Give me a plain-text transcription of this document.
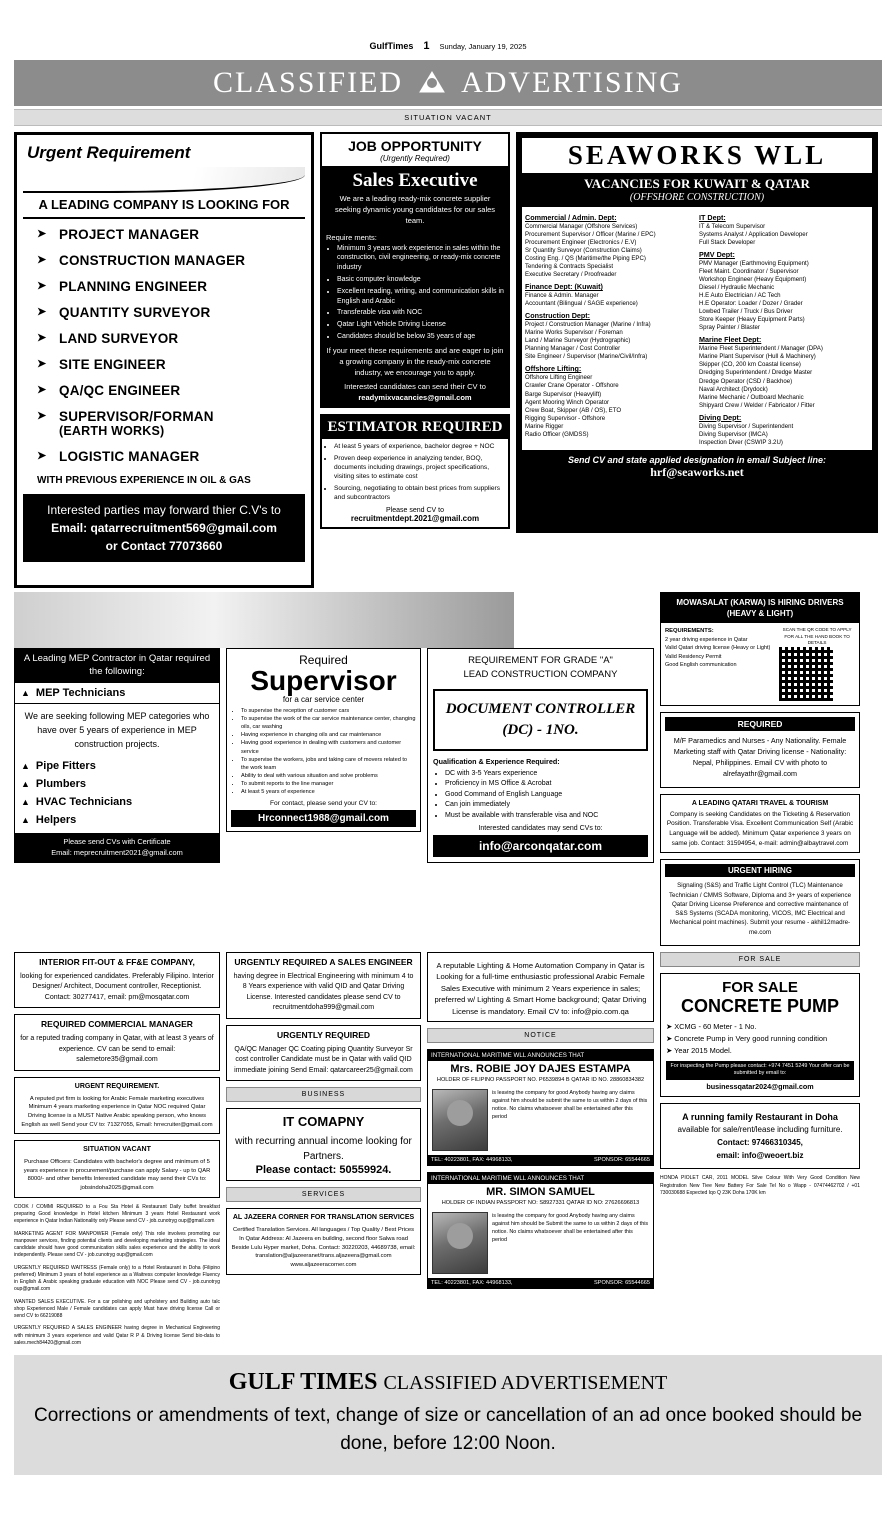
GulfTimes 1 Sunday, January 19, 2025
CLASSIFIED ADVERTISING
SITUATION VACANT
Urgent Requirement
A LEADING COMPANY IS LOOKING FOR
➤ PROJECT MANAGER
➤ CONSTRUCTION MANAGER
➤ PLANNING ENGINEER
➤ QUANTITY SURVEYOR
➤ LAND SURVEYOR
➤ SITE ENGINEER
➤ QA/QC ENGINEER
➤ SUPERVISOR/FORMAN
(EARTH WORKS)
➤ LOGISTIC MANAGER
WITH PREVIOUS EXPERIENCE IN OIL & GAS
Interested parties may forward thier C.V's to
Email: qatarrecruitment569@gmail.com
or Contact 77073660
JOB OPPORTUNITY
(Urgently Required)
Sales Executive
We are a leading ready-mix concrete supplier seeking dynamic young candidates for our sales team.
Require ments:
• Minimum 3 years work experience in sales within the construction, civil engineering, or ready-mix concrete industry
• Basic computer knowledge
• Excellent reading, writing, and communication skills in English and Arabic
• Transferable visa with NOC
• Qatar Light Vehicle Driving License
• Candidates should be below 35 years of age
If your meet these requirements and are eager to join a growing company in the ready-mix concrete industry, we encourage you to apply.
Interested candidates can send their CV to
readymixvacancies@gmail.com
ESTIMATOR REQUIRED
• At least 5 years of experience, bachelor degree + NOC
• Proven deep experience in analyzing tender, BOQ, documents including drawings, project specifications, visiting sites to estimate cost
• Sourcing, negotiating to obtain best prices from suppliers and subcontractors
Please send CV to
recruitmentdept.2021@gmail.com
SEAWORKS WLL
VACANCIES FOR KUWAIT & QATAR
(OFFSHORE CONSTRUCTION)
Commercial / Admin. Dept:
Commercial Manager (Offshore Services)
Procurement Supervisor / Officer (Marine / EPC)
Procurement Engineer (Electronics / E.V)
Sr Quantity Surveyor (Construction Claims)
Costing Eng. / QS (Maritime/the Piping EPC)
Tendering & Contracts Specialist
Executive Secretary / Proofreader
Finance Dept: (Kuwait)
Finance & Admin. Manager
Accountant (Bilingual / SAGE experience)
Construction Dept:
Project / Construction Manager (Marine / Infra)
Marine Works Supervisor / Foreman
Land / Marine Surveyor (Hydrographic)
Planning Manager / Cost Controller
Site Engineer / Supervisor (Marine/Civil/Infra)
Offshore Lifting:
Offshore Lifting Engineer
Crawler Crane Operator - Offshore
Barge Supervisor (Heavylift)
Agent Mooring Winch Operator
Crew Boat, Skipper (AB / OS), ETO
Rigging Supervisor - Offshore
Marine Rigger
Radio Officer (GMDSS)
IT Dept:
IT & Telecom Supervisor
Systems Analyst / Application Developer
Full Stack Developer
PMV Dept:
PMV Manager (Earthmoving Equipment)
Fleet Maint. Coordinator / Supervisor
Workshop Engineer (Heavy Equipment)
Diesel / Hydraulic Mechanic
H.E Auto Electrician / AC Tech
H.E Operator: Loader / Dozer / Grader
Lowbed Trailer / Truck / Bus Driver
Store Keeper (Heavy Equipment Parts)
Spray Painter / Blaster
Marine Fleet Dept:
Marine Fleet Superintendent / Manager (DPA)
Marine Plant Supervisor (Hull & Machinery)
Skipper (CO, 200 km Coastal license)
Dredging Superintendent / Dredge Master
Dredge Operator (CSD / Backhoe)
Naval Architect (Drydock)
Marine Mechanic / Outboard Mechanic
Shipyard Crew / Welder / Fabricator / Fitter
Diving Dept:
Diving Supervisor / Superintendent
Diving Supervisor (IMCA)
Inspection Diver (CSWIP 3.2U)
Send CV and state applied designation in email Subject line:
hrf@seaworks.net
A Leading MEP Contractor in Qatar required the following:
▲ MEP Technicians
We are seeking following MEP categories who have over 5 years of experience in MEP construction projects.
▲ Pipe Fitters
▲ Plumbers
▲ HVAC Technicians
▲ Helpers
Please send CVs with Certificate
Email: meprecruitment2021@gmail.com
Required
Supervisor
for a car service center
• To supervise the reception of customer cars
• To supervise the work of the car service maintenance center, changing oils, car washing
• Having experience in changing oils and car maintenance
• Having good experience in dealing with customers and customer service
• To supervise the workers, jobs and taking care of movers related to the work team
• Ability to deal with various situation and solve problems
• To submit reports to the line manager
• At least 5 years of experience
For contact, please send your CV to:
Hrconnect1988@gmail.com
REQUIREMENT FOR GRADE "A"
LEAD CONSTRUCTION COMPANY
DOCUMENT CONTROLLER (DC) - 1NO.
Qualification & Experience Required:
• DC with 3-5 Years experience
• Proficiency in MS Office & Acrobat
• Good Command of English Language
• Can join immediately
• Must be available with transferable visa and NOC
Interested candidates may send CVs to:
info@arconqatar.com
MOWASALAT (KARWA) IS HIRING DRIVERS (HEAVY & LIGHT)
REQUIREMENTS:
2 year driving experience in Qatar
Valid Qatari driving license (Heavy or Light)
Valid Residency Permit
Good English communication
SCAN THE QR CODE TO APPLY FOR ALL THE HAND BOOK TO DETAILS
REQUIRED
M/F Paramedics and Nurses - Any Nationality. Female Marketing staff with Qatar Driving license - Nationality: Nepal, Philippines. Email CV with photo to alrefayathr@gmail.com
A LEADING QATARI TRAVEL & TOURISM
Company is seeking Candidates on the Ticketing & Reservation Position. Transferable Visa. Excellent Communication Self (Arabic Language will be added). Minimum Qatar experience 3 years on same job. Contact: 31594954, e-mail: admin@albaytravel.com
URGENT HIRING
Signaling (S&S) and Traffic Light Control (TLC) Maintenance Technician / CMMS Software, Diploma and 3+ years of experience Qatar Driving License Preference and corrective maintenance of S&S Systems (SCADA monitoring, VICOS, IMC Electrical and Mechanical point machines). Submit your resume - akhil12madre-me.com
INTERIOR FIT-OUT & FF&E COMPANY,
looking for experienced candidates. Preferably Filipino. Interior Designer/ Architect, Document controller, Receptionist. Contact: 30277417, email: pm@mosqatar.com
REQUIRED COMMERCIAL MANAGER
for a reputed trading company in Qatar, with at least 3 years of experience. CV can be send to email: salemetore35@gmail.com
URGENT REQUIREMENT.
A reputed pvt firm is looking for Arabic Female marketing executives Minimum 4 years marketing experience in Qatar NOC required Qatar Driving license is a MUST Native Arabic speaking person, who knows English as well Send your CV to: 71327055, Email: hrrecruiter@gmail.com
SITUATION VACANT
Purchase Officers: Candidates with bachelor's degree and minimum of 5 years experience in procurement/purchase can apply Salary - up to QAR 8000/- and other benefits Interested candidate may send their CVs to: jobsindoha2025@gmail.com
COOK / COMMI REQUIRED to a Fou Sta Hotel & Restaurant Daily buffet breakfast preparing Good knowledge in Hotel kitchen Minimum 3 years Hotel Restaurant work experience in Qatar Indian Nationality only Please send CV - job.cunotryg oup@gmail.com
MARKETING AGENT FOR MANPOWER (Female only) This role involves promoting our manpower services, finding potential clients and developing marketing strategies. The ideal candidate should have good communication skills sales experience and the ability to work independently. Please send CV - job.cunotryg oup@gmail.com
URGENTLY REQUIRED WAITRESS (Female only) to a Hotel Restaurant in Doha (Filipino preferred) Minimum 3 years of hotel experience as a Waitress computer knowledge Fluency in English & Arabic speaking graduate education with NOC Please send CV - job.cunotryg oup@gmail.com
WANTED SALES EXECUTIVE. For a car polishing and upholstery and Building auto talc shop Experienced Male / Female candidates can apply Must have driving license Call or send CV to 66219088
URGENTLY REQUIRED A SALES ENGINEER having degree in Mechanical Engineering with minimum 3 years experience and valid Qatar R P & Driving license Send bio-data to sales.mech84420@gmail.com
URGENTLY REQUIRED A SALES ENGINEER
having degree in Electrical Engineering with minimum 4 to 8 Years experience with valid QID and Qatar Driving License. Interested candidates please send CV to recruitmentdoha999@gmail.com
URGENTLY REQUIRED
QA/QC Manager QC Coating piping Quantity Surveyor Sr cost controller Candidate must be in Qatar with valid QID immediate joining Send Email: qatarcareer25@gmail.com
BUSINESS
IT COMAPNY
with recurring annual income looking for Partners.
Please contact: 50559924.
SERVICES
AL JAZEERA CORNER FOR TRANSLATION SERVICES
Certified Translation Services. All languages / Top Quality / Best Prices In Qatar Address: Al Jazeera en building, second floor Salwa road Beside Lulu Hyper market, Doha. Contact: 30220203, 44689738, email: translation@aljazeeranet/trans.aljazeera@gmail.com www.aljazeeracorner.com
A reputable Lighting & Home Automation Company in Qatar is Looking for a full-time enthusiastic professional Arabic Female Sales Executive with minimum 2 Years experience in sales; preferred w/ Lighting & Smart Home background; Qatar Driving License is mandatory. Email CV to: info@pio.com.qa
NOTICE
INTERNATIONAL MARITIME WLL ANNOUNCES THAT
Mrs. ROBIE JOY DAJES ESTAMPA
HOLDER OF FILIPINO PASSPORT NO. P6539894 B QATAR ID NO. 28860834382
is leaving the company for good Anybody having any claims against him should be submit the same to us within 2 days of this notice. No claims whatsoever shall be entertained after this period
TEL: 40223801, FAX: 44968133,	SPONSOR: 65544665
INTERNATIONAL MARITIME WLL ANNOUNCES THAT
MR. SIMON SAMUEL
HOLDER OF INDIAN PASSPORT NO: S8927331 QATAR ID NO: 27626696813
is leaving the company for good Anybody having any claims against him should be Submit the same to us within 2 days of this notice. No claims whatsoever shall be entertained after this period
TEL: 40223801, FAX: 44968133,	SPONSOR: 65544665
FOR SALE
FOR SALE
CONCRETE PUMP
➤ XCMG - 60 Meter - 1 No.
➤ Concrete Pump in Very good running condition
➤ Year 2015 Model.
For inspecting the Pump please contact: +974 7451 5249 Your offer can be submitted by email to:
businessqatar2024@gmail.com
A running family Restaurant in Doha
available for sale/rent/lease including furniture.
Contact: 97466310345,
email: info@weoert.biz
HONDA PIOLET CAR, 2011 MODEL Silve Colour With Very Good Condition New Registration New Tiee New Battery For Sale Tel No o Wapp - 07474462702 / +01 730030688 Expected Iqo Q 23K Doha 170K km
GULF TIMES CLASSIFIED ADVERTISEMENT
Corrections or amendments of text, change of size or cancellation of an ad once booked should be done, before 12:00 Noon.
